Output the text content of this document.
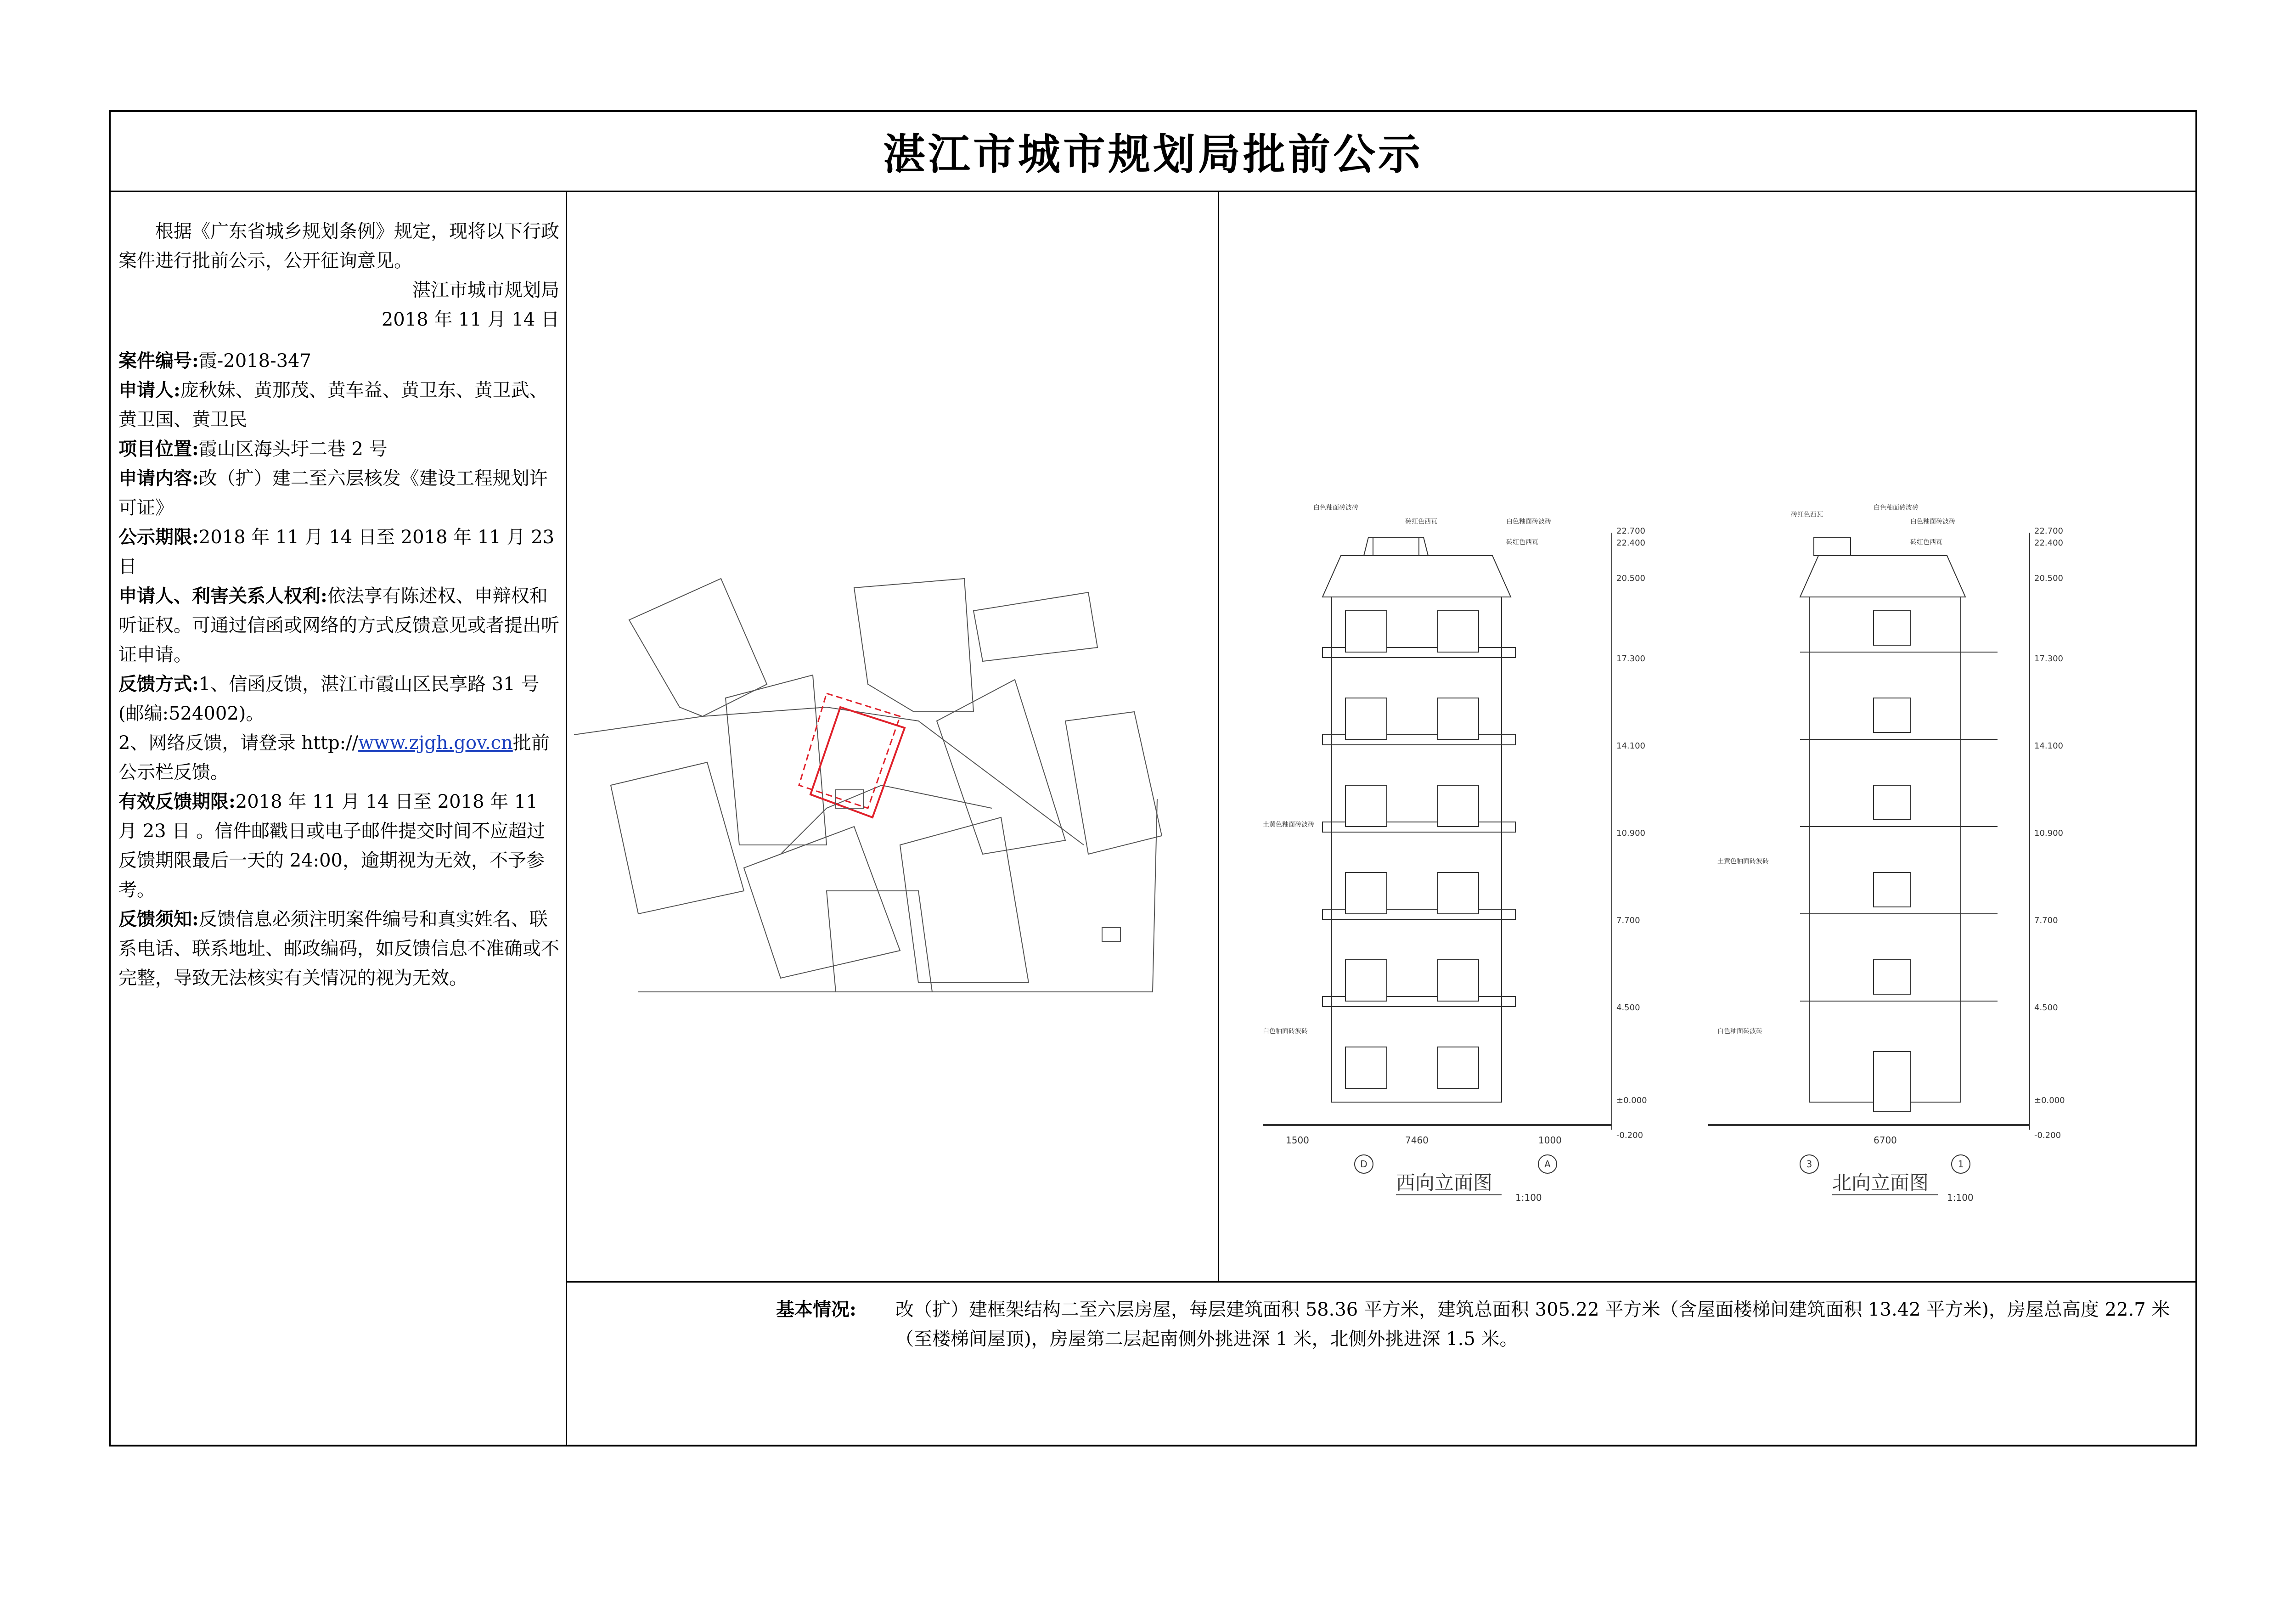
湛江市城市规划局批前公示

根据《广东省城乡规划条例》规定，现将以下行政案件进行批前公示，公开征询意见。

湛江市城市规划局

2018 年 11 月 14 日

案件编号:霞-2018-347

申请人:庞秋妹、黄那茂、黄车益、黄卫东、黄卫武、黄卫国、黄卫民

项目位置:霞山区海头圩二巷 2 号

申请内容:改（扩）建二至六层核发《建设工程规划许可证》

公示期限:2018 年 11 月 14 日至 2018 年 11 月 23 日

申请人、利害关系人权利:依法享有陈述权、申辩权和听证权。可通过信函或网络的方式反馈意见或者提出听证申请。

反馈方式:1、信函反馈，湛江市霞山区民享路 31 号(邮编:524002)。

2、网络反馈，请登录 http://www.zjgh.gov.cn批前公示栏反馈。

有效反馈期限:2018 年 11 月 14 日至 2018 年 11 月 23 日 。信件邮戳日或电子邮件提交时间不应超过反馈期限最后一天的 24:00，逾期视为无效，不予参考。

反馈须知:反馈信息必须注明案件编号和真实姓名、联系电话、联系地址、邮政编码，如反馈信息不准确或不完整，导致无法核实有关情况的视为无效。

22.700
22.400
20.500
17.300
14.100
10.900
7.700
4.500
±0.000
-0.200
白色釉面砖波砖
砖红色西瓦	白色釉面砖波砖
砖红色西瓦
土黄色釉面砖波砖
白色釉面砖波砖
1500	7460	1000
D	A
西向立面图
1:100
22.700
22.400
20.500
17.300
14.100
10.900
7.700
4.500
±0.000
-0.200
白色釉面砖波砖
砖红色西瓦
白色釉面砖波砖
砖红色西瓦
土黄色釉面砖波砖
白色釉面砖波砖
6700
3	1
北向立面图
1:100
基本情况: 改（扩）建框架结构二至六层房屋，每层建筑面积 58.36 平方米，建筑总面积 305.22 平方米（含屋面楼梯间建筑面积 13.42 平方米)，房屋总高度 22.7 米（至楼梯间屋顶)，房屋第二层起南侧外挑进深 1 米，北侧外挑进深 1.5 米。
